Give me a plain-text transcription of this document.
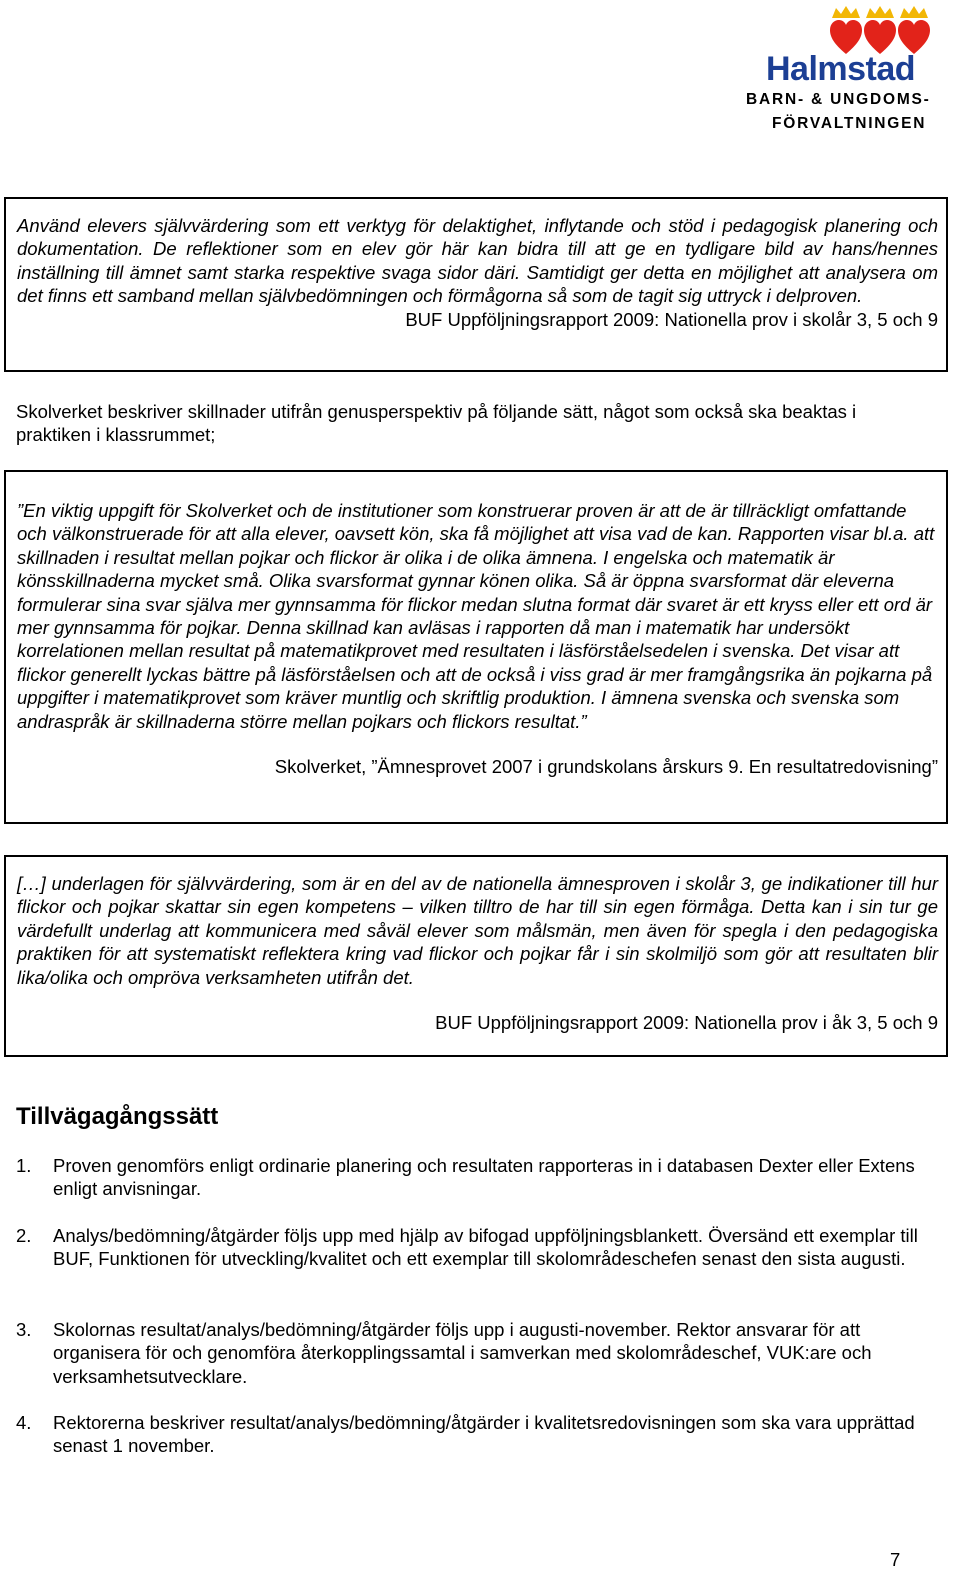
Halmstad
BARN- & UNGDOMS-
FÖRVALTNINGEN

Använd elevers självvärdering som ett verktyg för delaktighet, inflytande och stöd i pedagogisk planering och dokumentation. De reflektioner som en elev gör här kan bidra till att ge en tydligare bild av hans/hennes inställning till ämnet samt starka respektive svaga sidor däri. Samtidigt ger detta en möjlighet att analysera om det finns ett samband mellan självbedömningen och förmågorna så som de tagit sig uttryck i delproven.

BUF Uppföljningsrapport 2009: Nationella prov i skolår 3, 5 och 9

Skolverket beskriver skillnader utifrån genusperspektiv på följande sätt, något som också ska beaktas i praktiken i klassrummet;

”En viktig uppgift för Skolverket och de institutioner som konstruerar proven är att de är tillräckligt omfattande och välkonstruerade för att alla elever, oavsett kön, ska få möjlighet att visa vad de kan. Rapporten visar bl.a. att skillnaden i resultat mellan pojkar och flickor är olika i de olika ämnena. I engelska och matematik är könsskillnaderna mycket små. Olika svarsformat gynnar könen olika. Så är öppna svarsformat där eleverna formulerar sina svar själva mer gynnsamma för flickor medan slutna format där svaret är ett kryss eller ett ord är mer gynnsamma för pojkar. Denna skillnad kan avläsas i rapporten då man i matematik har undersökt korrelationen mellan resultat på matematikprovet med resultaten i läsförståelsedelen i svenska. Det visar att flickor generellt lyckas bättre på läsförståelsen och att de också i viss grad är mer framgångsrika än pojkarna på uppgifter i matematikprovet som kräver muntlig och skriftlig produktion. I ämnena svenska och svenska som andraspråk är skillnaderna större mellan pojkars och flickors resultat.”

Skolverket, ”Ämnesprovet 2007 i grundskolans årskurs 9. En resultatredovisning”

[…] underlagen för självvärdering, som är en del av de nationella ämnesproven i skolår 3, ge indikationer till hur flickor och pojkar skattar sin egen kompetens – vilken tilltro de har till sin egen förmåga. Detta kan i sin tur ge värdefullt underlag att kommunicera med såväl elever som målsmän, men även för spegla i den pedagogiska praktiken för att systematiskt reflektera kring vad flickor och pojkar får i sin skolmiljö som gör att resultaten blir lika/olika och ompröva verksamheten utifrån det.

BUF Uppföljningsrapport 2009: Nationella prov i åk 3, 5 och 9

Tillvägagångssätt
1. Proven genomförs enligt ordinarie planering och resultaten rapporteras in i databasen Dexter eller Extens enligt anvisningar.
2. Analys/bedömning/åtgärder följs upp med hjälp av bifogad uppföljningsblankett. Översänd ett exemplar till BUF, Funktionen för utveckling/kvalitet och ett exemplar till skolområdeschefen senast den sista augusti.
3. Skolornas resultat/analys/bedömning/åtgärder följs upp i augusti-november. Rektor ansvarar för att organisera för och genomföra återkopplingssamtal i samverkan med skolområdeschef, VUK:are och verksamhetsutvecklare.
4. Rektorerna beskriver resultat/analys/bedömning/åtgärder i kvalitetsredovisningen som ska vara upprättad senast 1 november.
7
